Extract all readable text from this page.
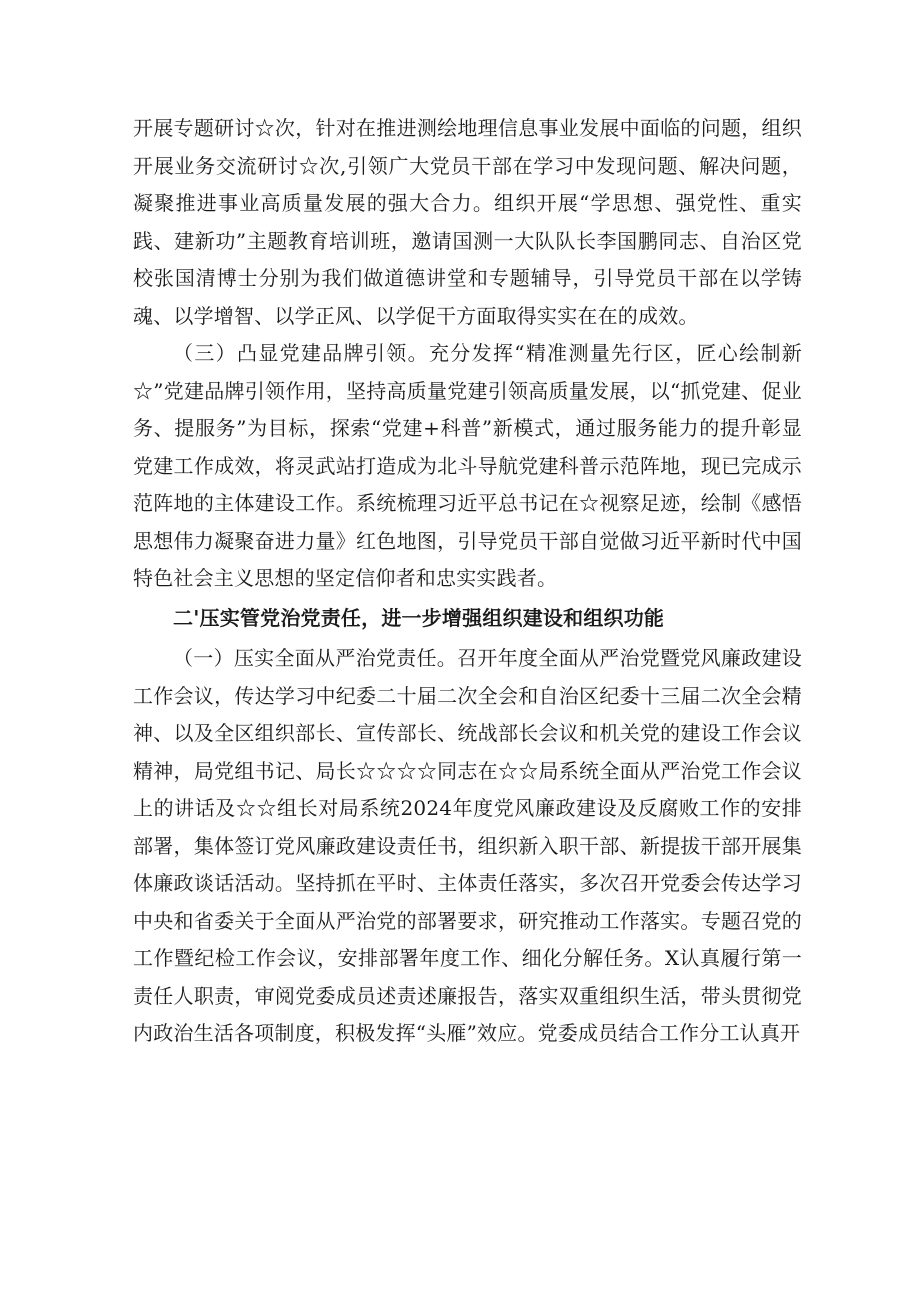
开展专题研讨☆次，针对在推进测绘地理信息事业发展中面临的问题，组织开展业务交流研讨☆次,引领广大党员干部在学习中发现问题、解决问题，凝聚推进事业高质量发展的强大合力。组织开展“学思想、强党性、重实践、建新功”主题教育培训班，邀请国测一大队队长李国鹏同志、自治区党校张国清博士分别为我们做道德讲堂和专题辅导，引导党员干部在以学铸魂、以学增智、以学正风、以学促干方面取得实实在在的成效。

（三）凸显党建品牌引领。充分发挥“精准测量先行区，匠心绘制新☆”党建品牌引领作用，坚持高质量党建引领高质量发展，以“抓党建、促业务、提服务”为目标，探索“党建+科普”新模式，通过服务能力的提升彰显党建工作成效，将灵武站打造成为北斗导航党建科普示范阵地，现已完成示范阵地的主体建设工作。系统梳理习近平总书记在☆视察足迹，绘制《感悟思想伟力凝聚奋进力量》红色地图，引导党员干部自觉做习近平新时代中国特色社会主义思想的坚定信仰者和忠实实践者。

二'压实管党治党责任，进一步增强组织建设和组织功能

（一）压实全面从严治党责任。召开年度全面从严治党暨党风廉政建设工作会议，传达学习中纪委二十届二次全会和自治区纪委十三届二次全会精神、以及全区组织部长、宣传部长、统战部长会议和机关党的建设工作会议精神，局党组书记、局长☆☆☆☆同志在☆☆局系统全面从严治党工作会议上的讲话及☆☆组长对局系统2024年度党风廉政建设及反腐败工作的安排部署，集体签订党风廉政建设责任书，组织新入职干部、新提拔干部开展集体廉政谈话活动。坚持抓在平时、主体责任落实，多次召开党委会传达学习中央和省委关于全面从严治党的部署要求，研究推动工作落实。专题召党的工作暨纪检工作会议，安排部署年度工作、细化分解任务。X认真履行第一责任人职责，审阅党委成员述责述廉报告，落实双重组织生活，带头贯彻党内政治生活各项制度，积极发挥“头雁”效应。党委成员结合工作分工认真开
